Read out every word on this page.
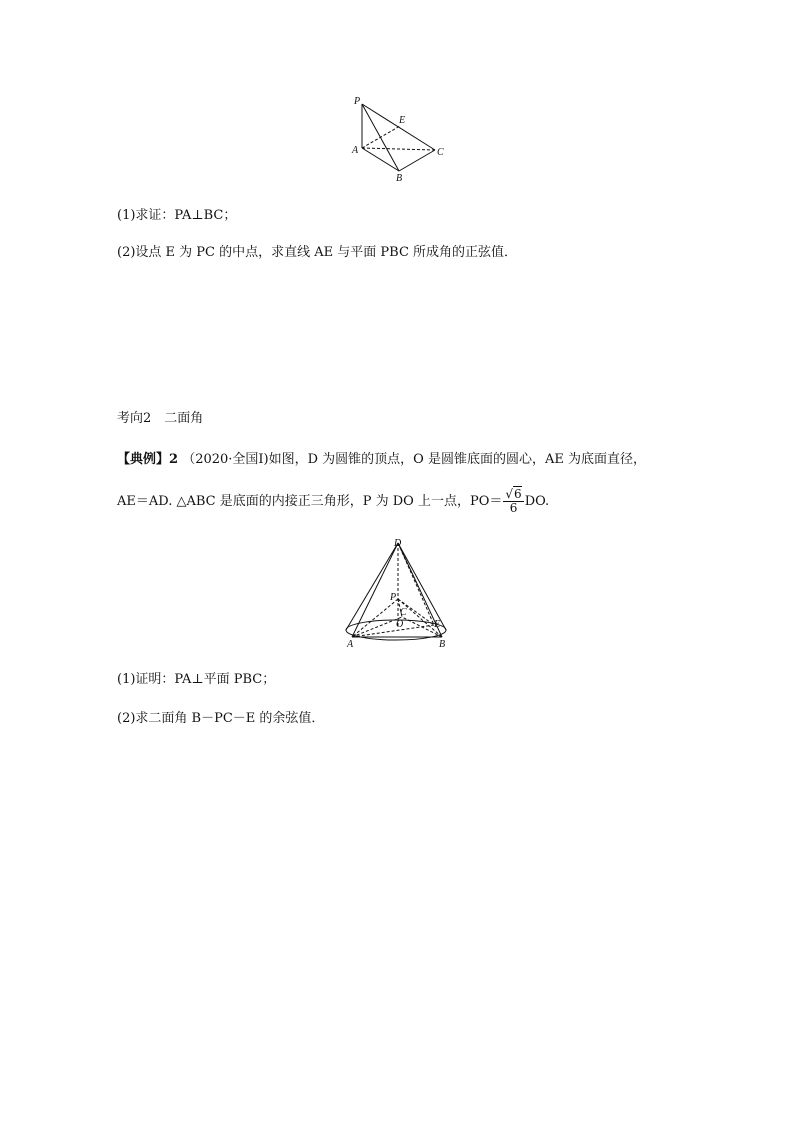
P
E
A	C
B
(1)求证：PA⊥BC；
(2)设点 E 为 PC 的中点，求直线 AE 与平面 PBC 所成角的正弦值．
考向2　二面角
【典例】2 （2020·全国Ⅰ)如图，D 为圆锥的顶点，O 是圆锥底面的圆心，AE 为底面直径，
AE＝AD. △ABC 是底面的内接正三角形，P 为 DO 上一点，$PO= \frac{√6}{6}$ DO.
D
P
C
O	E
A	B
(1)证明：PA⊥平面 PBC；
(2)求二面角 B－PC－E 的余弦值．
